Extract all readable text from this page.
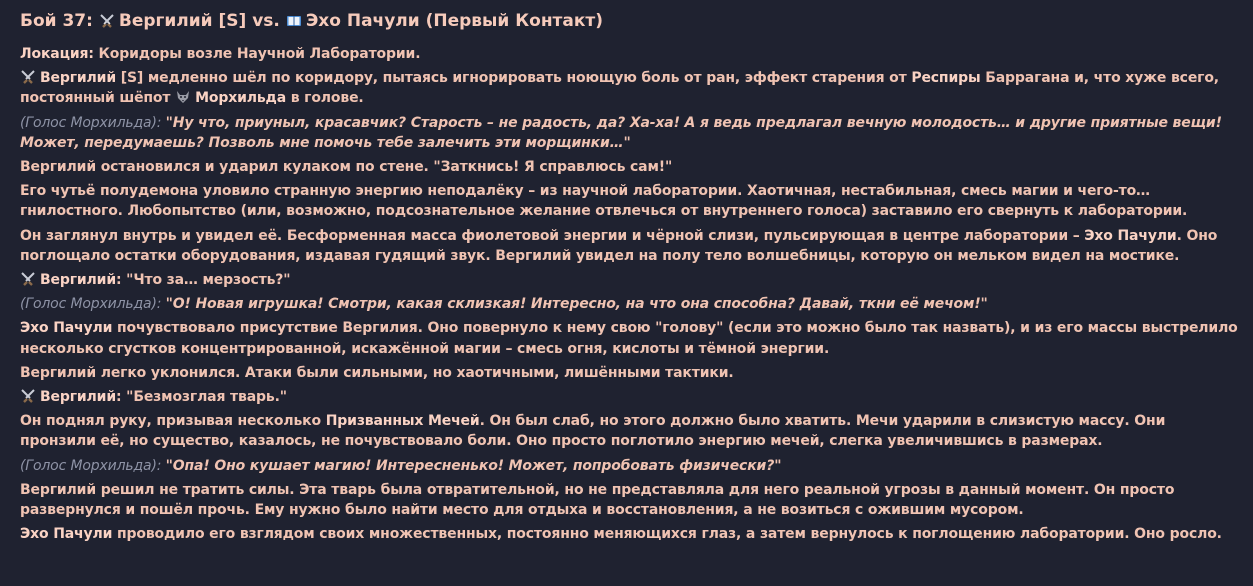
Бой 37: Вергилий [S] vs. Эхо Пачули (Первый Контакт)

Локация: Коридоры возле Научной Лаборатории.

Вергилий [S] медленно шёл по коридору, пытаясь игнорировать ноющую боль от ран, эффект старения от Респиры Баррагана и, что хуже всего, постоянный шёпот
Морхильда в голове.

(Голос Морхильда): "Ну что, приуныл, красавчик? Старость – не радость, да? Ха-ха! А я ведь предлагал вечную молодость… и другие приятные вещи! Может, передумаешь? Позволь мне помочь тебе залечить эти морщинки…"

Вергилий остановился и ударил кулаком по стене. "Заткнись! Я справлюсь сам!"

Его чутьё полудемона уловило странную энергию неподалёку – из научной лаборатории. Хаотичная, нестабильная, смесь магии и чего-то… гнилостного. Любопытство (или, возможно, подсознательное желание отвлечься от внутреннего голоса) заставило его свернуть к лаборатории.

Он заглянул внутрь и увидел её. Бесформенная масса фиолетовой энергии и чёрной слизи, пульсирующая в центре лаборатории – Эхо Пачули. Оно поглощало остатки оборудования, издавая гудящий звук. Вергилий увидел на полу тело волшебницы, которую он мельком видел на мостике.

Вергилий: "Что за… мерзость?"

(Голос Морхильда): "О! Новая игрушка! Смотри, какая склизкая! Интересно, на что она способна? Давай, ткни её мечом!"

Эхо Пачули почувствовало присутствие Вергилия. Оно повернуло к нему свою "голову" (если это можно было так назвать), и из его массы выстрелило несколько сгустков концентрированной, искажённой магии – смесь огня, кислоты и тёмной энергии.

Вергилий легко уклонился. Атаки были сильными, но хаотичными, лишёнными тактики.

Вергилий: "Безмозглая тварь."

Он поднял руку, призывая несколько Призванных Мечей. Он был слаб, но этого должно было хватить. Мечи ударили в слизистую массу. Они пронзили её, но существо, казалось, не почувствовало боли. Оно просто поглотило энергию мечей, слегка увеличившись в размерах.

(Голос Морхильда): "Опа! Оно кушает магию! Интересненько! Может, попробовать физически?"

Вергилий решил не тратить силы. Эта тварь была отвратительной, но не представляла для него реальной угрозы в данный момент. Он просто развернулся и пошёл прочь. Ему нужно было найти место для отдыха и восстановления, а не возиться с ожившим мусором.

Эхо Пачули проводило его взглядом своих множественных, постоянно меняющихся глаз, а затем вернулось к поглощению лаборатории. Оно росло.
